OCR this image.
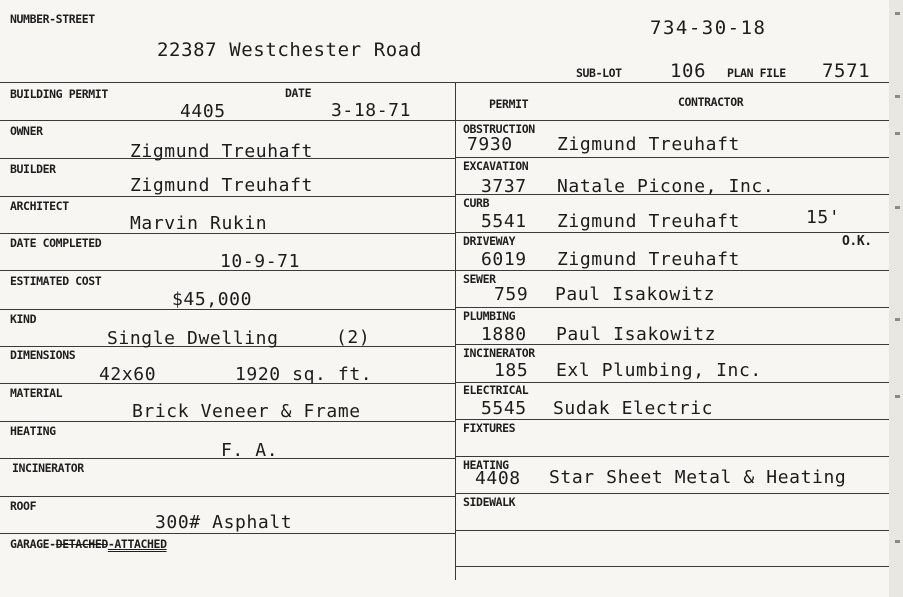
NUMBER-STREET
22387 Westchester Road
734-30-18
SUB-LOT	106 PLAN FILE 7571
BUILDING PERMIT
4405
DATE
3-18-71
OWNER
Zigmund Treuhaft
BUILDER
Zigmund Treuhaft
ARCHITECT
Marvin Rukin
DATE COMPLETED
10-9-71
ESTIMATED COST
$45,000
KIND
Single Dwelling	(2)
DIMENSIONS
42x60	1920 sq. ft.
MATERIAL
Brick Veneer & Frame
HEATING
F. A.
INCINERATOR
ROOF
300# Asphalt
GARAGE-DETACHED-ATTACHED
PERMIT	CONTRACTOR
OBSTRUCTION
7930 Zigmund Treuhaft
EXCAVATION
3737 Natale Picone, Inc.
CURB
5541 Zigmund Treuhaft	15'
DRIVEWAY	O.K.
6019 Zigmund Treuhaft
SEWER
759 Paul Isakowitz
PLUMBING
1880 Paul Isakowitz
INCINERATOR
185 Exl Plumbing, Inc.
ELECTRICAL
5545 Sudak Electric
FIXTURES
HEATING
4408 Star Sheet Metal & Heating
SIDEWALK
